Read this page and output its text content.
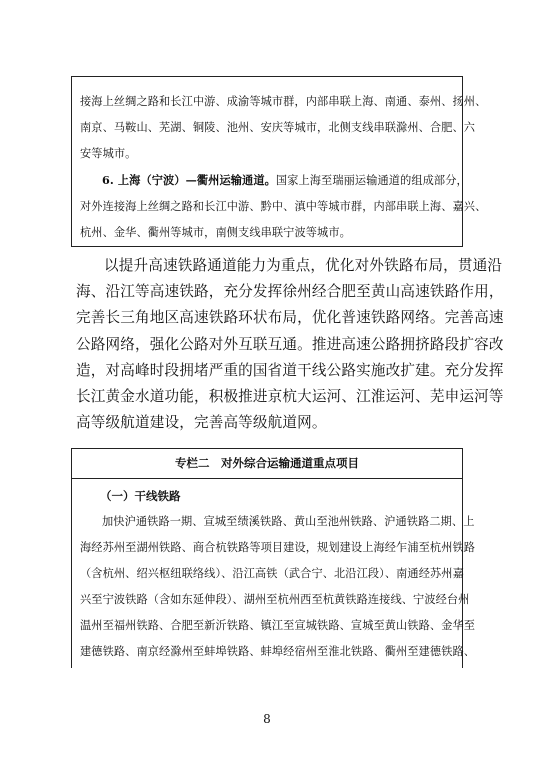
接海上丝绸之路和长江中游、成渝等城市群，内部串联上海、南通、泰州、扬州、
南京、马鞍山、芜湖、铜陵、池州、安庆等城市，北侧支线串联滁州、合肥、六
安等城市。
6. 上海（宁波）—衢州运输通道。国家上海至瑞丽运输通道的组成部分，
对外连接海上丝绸之路和长江中游、黔中、滇中等城市群，内部串联上海、嘉兴、
杭州、金华、衢州等城市，南侧支线串联宁波等城市。
以提升高速铁路通道能力为重点，优化对外铁路布局，贯通沿
海、沿江等高速铁路，充分发挥徐州经合肥至黄山高速铁路作用，
完善长三角地区高速铁路环状布局，优化普速铁路网络。完善高速
公路网络，强化公路对外互联互通。推进高速公路拥挤路段扩容改
造，对高峰时段拥堵严重的国省道干线公路实施改扩建。充分发挥
长江黄金水道功能，积极推进京杭大运河、江淮运河、芜申运河等
高等级航道建设，完善高等级航道网。
专栏二　对外综合运输通道重点项目
（一）干线铁路
加快沪通铁路一期、宣城至绩溪铁路、黄山至池州铁路、沪通铁路二期、上
海经苏州至湖州铁路、商合杭铁路等项目建设，规划建设上海经乍浦至杭州铁路
（含杭州、绍兴枢纽联络线）、沿江高铁（武合宁、北沿江段）、南通经苏州嘉
兴至宁波铁路（含如东延伸段）、湖州至杭州西至杭黄铁路连接线、宁波经台州
温州至福州铁路、合肥至新沂铁路、镇江至宣城铁路、宣城至黄山铁路、金华至
建德铁路、南京经滁州至蚌埠铁路、蚌埠经宿州至淮北铁路、衢州至建德铁路、
8
